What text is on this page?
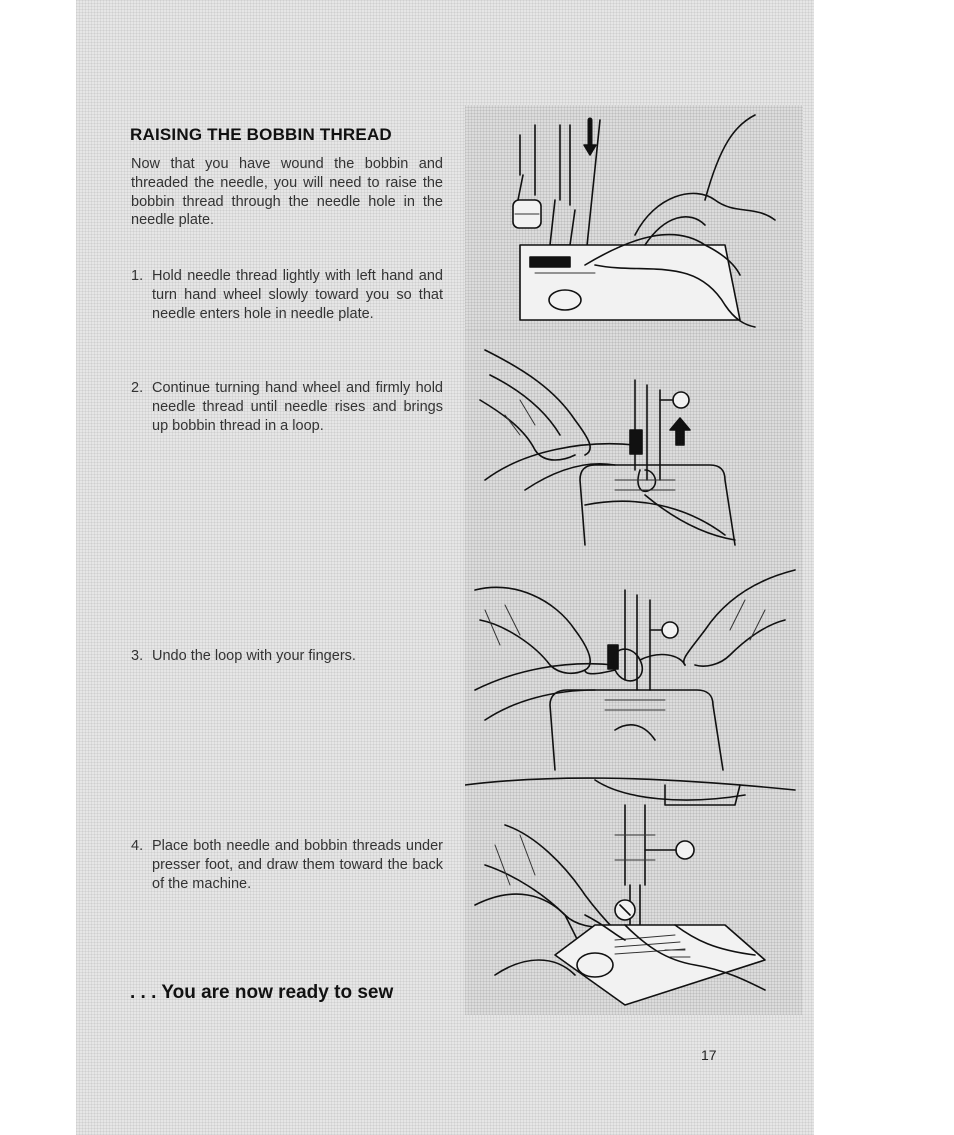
RAISING THE BOBBIN THREAD

Now that you have wound the bobbin and threaded the needle, you will need to raise the bobbin thread through the needle hole in the needle plate.

1. Hold needle thread lightly with left hand and turn hand wheel slowly toward you so that needle enters hole in needle plate.
2. Continue turning hand wheel and firmly hold needle thread until needle rises and brings up bobbin thread in a loop.
3. Undo the loop with your fingers.
4. Place both needle and bobbin threads under presser foot, and draw them toward the back of the machine.
. . . You are now ready to sew
17
